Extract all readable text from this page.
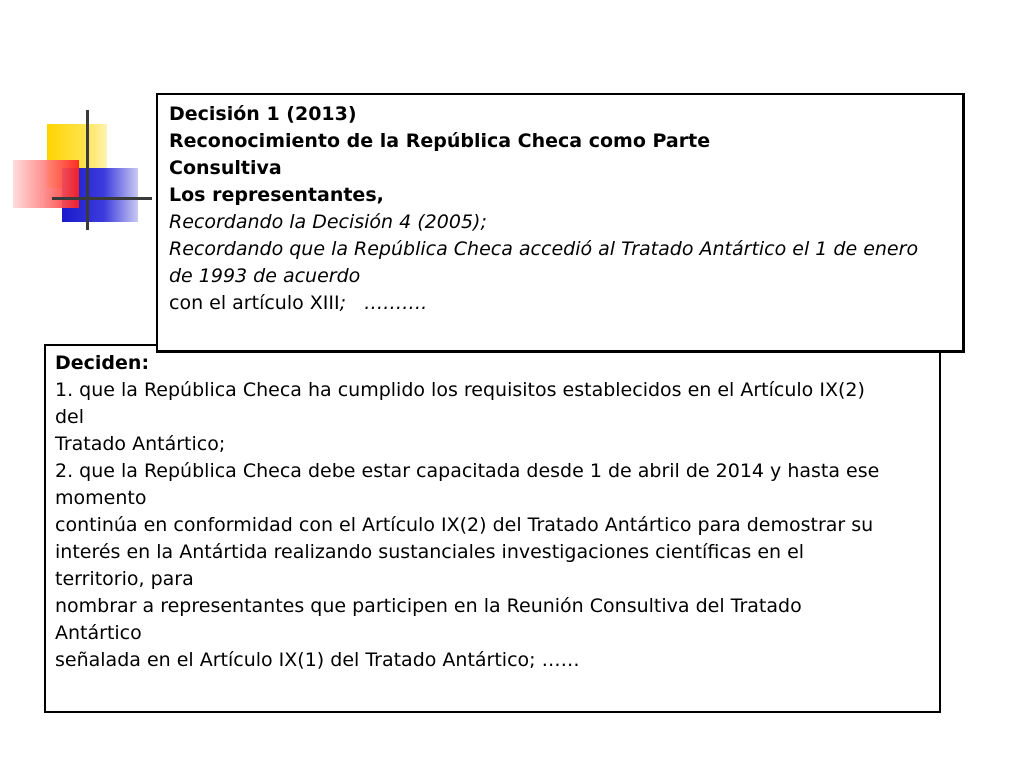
Deciden:
1. que la República Checa ha cumplido los requisitos establecidos en el Artículo IX(2)
del
Tratado Antártico;
2. que la República Checa debe estar capacitada desde 1 de abril de 2014 y hasta ese
momento
continúa en conformidad con el Artículo IX(2) del Tratado Antártico para demostrar su
interés en la Antártida realizando sustanciales investigaciones científicas en el
territorio, para
nombrar a representantes que participen en la Reunión Consultiva del Tratado
Antártico
señalada en el Artículo IX(1) del Tratado Antártico; ……
Decisión 1 (2013)
Reconocimiento de la República Checa como Parte
Consultiva
Los representantes,
Recordando la Decisión 4 (2005);
Recordando que la República Checa accedió al Tratado Antártico el 1 de enero
de 1993 de acuerdo
con el artículo XIII;   ……….
